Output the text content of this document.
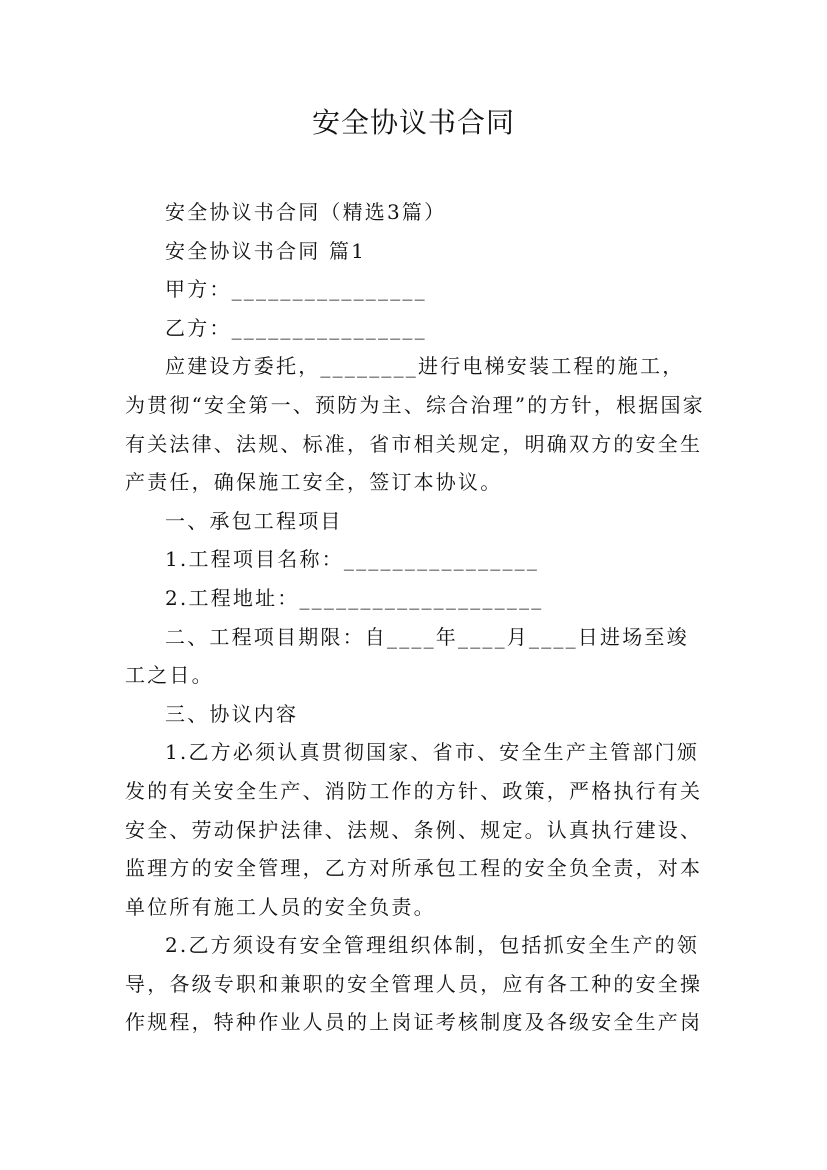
安全协议书合同

安全协议书合同（精选3篇）

安全协议书合同 篇1

甲方：________________

乙方：________________

应建设方委托，________进行电梯安装工程的施工，为贯彻“安全第一、预防为主、综合治理”的方针，根据国家有关法律、法规、标准，省市相关规定，明确双方的安全生产责任，确保施工安全，签订本协议。

一、承包工程项目

1.工程项目名称：________________

2.工程地址：____________________

二、工程项目期限：自____年____月____日进场至竣工之日。

三、协议内容

1.乙方必须认真贯彻国家、省市、安全生产主管部门颁发的有关安全生产、消防工作的方针、政策，严格执行有关安全、劳动保护法律、法规、条例、规定。认真执行建设、监理方的安全管理，乙方对所承包工程的安全负全责，对本单位所有施工人员的安全负责。

2.乙方须设有安全管理组织体制，包括抓安全生产的领导，各级专职和兼职的安全管理人员，应有各工种的安全操作规程，特种作业人员的上岗证考核制度及各级安全生产岗
